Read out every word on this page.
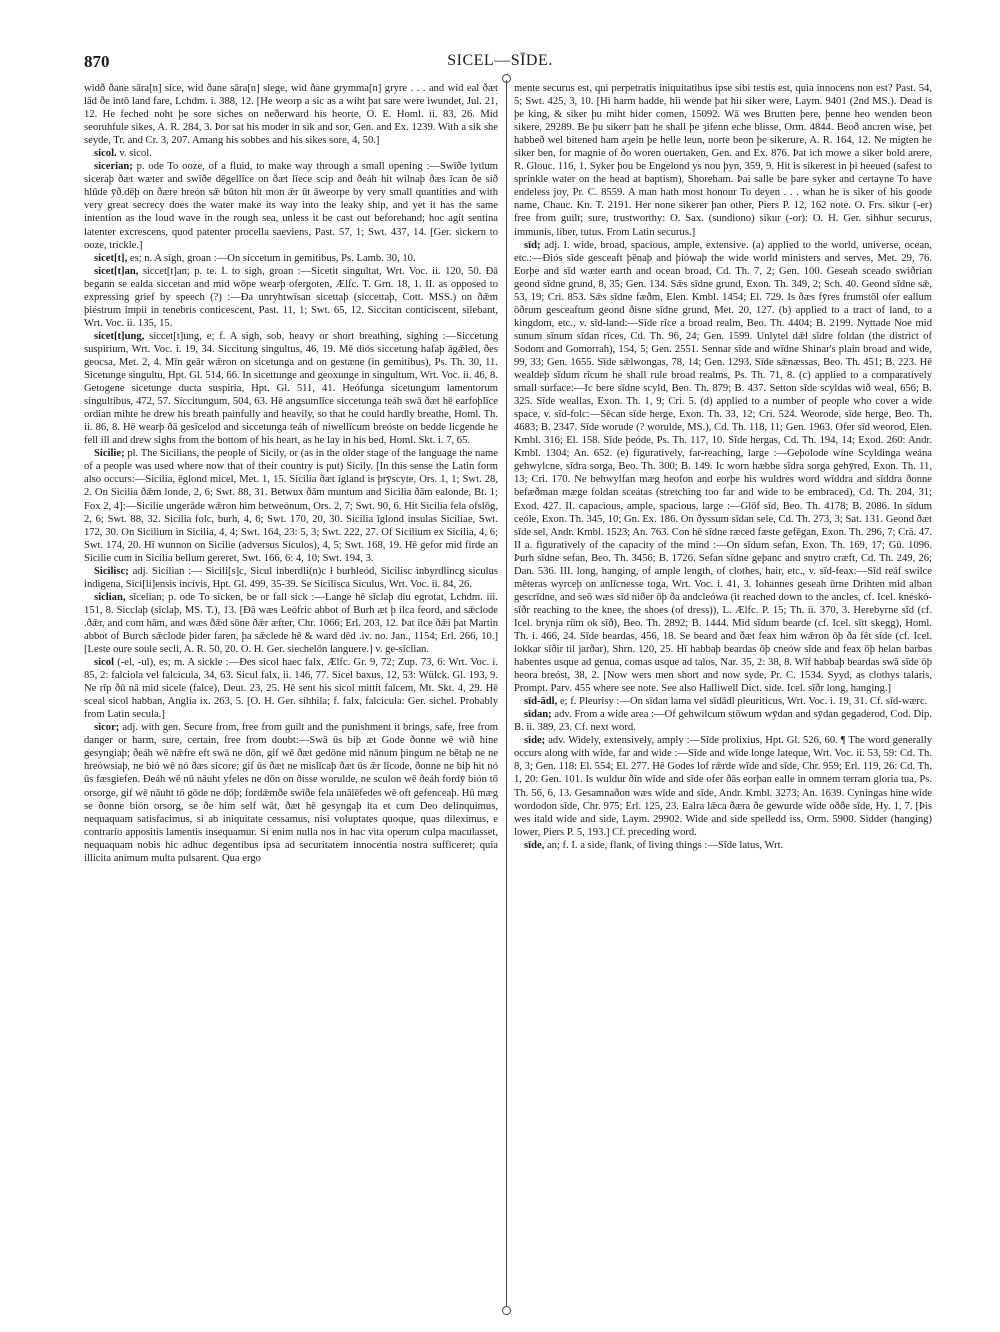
870	SICEL—SĪDE.

widð ðane sāra[n] sice, wid ðane sāra[n] slege, wid ðane grymma[n] gryre . . . and wid eal ðæt lād ðe intō land fare, Lchdm. i. 388, 12. [He weorp a sic as a wiht þat sare were iwundet, Jul. 21, 12. He feched noht þe sore siches on neðerward his heorte, O. E. Homl. ii. 83, 26. Mid seoruhfule sikes, A. R. 284, 3. Þor sat his moder in sik and sor, Gen. and Ex. 1239. With a sik she seyde, Tr. and Cr. 3, 207. Amang his sobbes and his sikes sore, 4, 50.]

sicol. v. sicol.

sicerian; p. ode To ooze, of a fluid, to make way through a small opening :—Swīðe lytlum siceraþ ðæt wæter and swīðe dēgellīce on ðæt līece scip and ðeáh hit wilnaþ ðæs īcan ðe sið hlūde ȳð.dēþ on ðære hreón sǣ būton hit mon ǣr ūt āweorpe by very small quantities and with very great secrecy does the water make its way into the leaky ship, and yet it has the same intention as the loud wave in the rough sea, unless it be cast out beforehand; hoc agit sentina latenter excrescens, quod patenter procella saeviens, Past. 57, 1; Swt. 437, 14. [Ger. sickern to ooze, trickle.]

sicet[t], es; n. A sigh, groan :—On siccetum in gemitibus, Ps. Lamb. 30, 10.

sicet[t]an, siccet[t]an; p. te. I. to sigh, groan :—Sicetit singultat, Wrt. Voc. ii. 120, 50. Ðā begann se ealda siccetan and mid wōpe wearþ ofergoten, Ælfc. T. Grn. 18, 1. II. as opposed to expressing grief by speech (?) :—Ða unryhtwīsan sicettaþ (siccettaþ, Cott. MSS.) on ðǣm þiéstrum impii in tenebris conticescent, Past. 11, 1; Swt. 65, 12. Siccitan conticiscent, silebant, Wrt. Voc. ii. 135, 15.

sicet[t]ung, siccet[t]ung, e; f. A sigh, sob, heavy or short breathing, sighing :—Siccetung suspirium, Wrt. Voc. i. 19, 34. Siccitung singultus, 46, 19. Mē diós siccetung hafaþ āgǣled, ðes geocsa, Met. 2, 4. Mīn geār wǣron on sicetunga and on gestæne (in gemitibus), Ps. Th. 30, 11. Sicetunge singultu, Hpt. Gl. 514, 66. In sicettunge and geoxunge in singultum, Wrt. Voc. ii. 46, 8. Getogene sicetunge ducta suspiria, Hpt. Gl. 511, 41. Heófunga sicetungum lamentorum singultibus, 472, 57. Siccitungum, 504, 63. Hē angsumlīce siccetunga teáh swā ðæt hē earfoþlīce ordian mihte he drew his breath painfully and heavily, so that he could hardly breathe, Homl. Th. ii. 86, 8. Hē wearþ ðā gesīcelod and siccetunga teáh of niwellīcum breóste on bedde licgende he fell ill and drew sighs from the bottom of his heart, as he lay in his bed, Homl. Skt. i. 7, 65.

Sicilie; pl. The Sicilians, the people of Sicily, or (as in the older stage of the language the name of a people was used where now that of their country is put) Sicily. [In this sense the Latin form also occurs:—Sicilia, ēglond micel, Met. 1, 15. Sicilia ðæt īgland is þrȳscyte, Ors. 1, 1; Swt. 28, 2. On Sicilia ðǣm londe, 2, 6; Swt. 88, 31. Betwux ðām muntum and Sicilia ðām ealonde, Bt. 1; Fox 2, 4]:—Sicilie ungerāde wǣron him betweónum, Ors. 2, 7; Swt. 90, 6. Hit Sicilia fela ofslōg, 2, 6; Swt. 88, 32. Sicilia folc, burh, 4, 6; Swt. 170, 20, 30. Sicilia īglond insulas Siciliae, Swt. 172, 30. On Sicilium in Sicilia, 4, 4; Swt. 164, 23: 5, 3; Swt. 222, 27. Of Sicilium ex Sicilia, 4, 6; Swt. 174, 20. Hī wunnon on Sicilie (adversus Siculos), 4, 5; Swt. 168, 19. Hē gefor mid firde an Sicilie cum in Sicilia bellum gereret, Swt. 166, 6: 4, 10; Swt. 194, 3.

Sicilisc; adj. Sicilian :— Sicili[s]c, Sicul inberdli(n)c ł burhleód, Sicilisc inbyrdlincg siculus indigena, Sici[li]ensis incivis, Hpt. Gl. 499, 35-39. Se Sicilisca Siculus, Wrt. Voc. ii. 84, 26.

siclian, sīcelian; p. ode To sicken, be or fall sick :—Lange hē sīclaþ diu egrotat, Lchdm. iii. 151, 8. Sicclaþ (sīclaþ, MS. T.), 13. [Ðā wæs Leófric abbot of Burh æt þ ilca feord, and sǣclode .ðǣr, and com hām, and wæs ðǣd sōne ðǣr æfter, Chr. 1066; Erl. 203, 12. Þat ilce ðǣi þat Martin abbot of Burch sǣclode þider faren, þa sǣclede hē & ward dēd .iv. no. Jan., 1154; Erl. 266, 10.] [Leste oure soule secli, A. R. 50, 20. O. H. Ger. siechelōn languere.] v. ge-sīclian.

sicol (-el, -ul), es; m. A sickle :—Ðes sicol haec falx, Ælfc. Gr. 9, 72; Zup. 73, 6: Wrt. Voc. i. 85, 2: falciola vel falcicula, 34, 63. Sicul falx, ii. 146, 77. Sicel baxus, 12, 53: Wülck. Gl. 193, 9. Ne rīp ðū nā mid sicele (falce), Deut. 23, 25. Hē sent his sicol mittit falcem, Mt. Skt. 4, 29. Hē sceal sicol habban, Anglia ix. 263, 5. [O. H. Ger. sihhila; f. falx, falcicula: Ger. sichel. Probably from Latin secula.]

sicor; adj. with gen. Secure from, free from guilt and the punishment it brings, safe, free from danger or harm, sure, certain, free from doubt:—Swā ūs biþ æt Gode ðonne wē wið hine gesyngiaþ; ðeáh wē nǣfre eft swā ne dōn, gif wē ðæt gedōne mid nānum þingum ne bētaþ ne ne hreówsiaþ, ne bió wē nó ðæs sicore; gif ūs ðæt ne mislīcaþ ðæt ūs ǣr līcode, ðonne ne biþ hit nó ūs fæsgiefen. Ðeáh wē nū nāuht yfeles ne dōn on ðisse worulde, ne sculon wē ðeáh fordȳ bión tō orsorge, gif wē nāuht tō gōde ne dōþ; fordǣmðe swīðe fela unālēfedes wē oft gefenceaþ. Hū mæg se ðonne bión orsorg, se ðe him self wāt, ðæt hē gesyngaþ ita et cum Deo delinquimus, nequaquam satisfacimus, si ab iniquitate cessamus, nisi voluptates quoque, quas dileximus, e contrario appositis lamentis insequamur. Si enim nulla nos in hac vita operum culpa maculasset, nequaquam nobis hic adhuc degentibus ipsa ad securitatem innocentia nostra sufficeret; quia illicita animum multa pulsarent. Qua ergo

mente securus est, qui perpetratis iniquitatibus ipse sibi testis est, quia innocens non est? Past. 54, 5; Swt. 425, 3, 10. [Hi harm hadde, hii wende þat hii siker were, Laym. 9401 (2nd MS.). Dead is þe king, & siker þu miht hider comen, 15092. Wā wes Brutten þere, þenne heo wenden beon sikere, 29289. Be þu sikerr þatt he shall þe ȝifenn eche blisse, Orm. 4844. Beoð ancren wise, þet habbeð wel bitened ham aȝein þe helle leun, uorte beon þe sikerure, A. R. 164, 12. Ne migten he siker ben, for magnie of ðo woren ouertaken, Gen. and Ex. 876. Þat ich mowe a siker bold arere, R. Glouc. 116, 1. Syker þou be Engelond ys nou þyn, 359, 9. Hit is sikerest in þi heeued (safest to sprinkle water on the head at baptism), Shoreham. Þai salle be þare syker and certayne To have endeless joy, Pr. C. 8559. A man hath most honour To deyen . . . whan he is siker of his goode name, Chauc. Kn. T. 2191. Her none sikerer þan other, Piers P. 12, 162 note. O. Frs. sikur (-er) free from guilt; sure, trustworthy: O. Sax. (sundiono) sikur (-or): O. H. Ger. sihhur securus, immunis, liber, tutus. From Latin securus.]

sīd; adj. I. wide, broad, spacious, ample, extensive. (a) applied to the world, universe, ocean, etc.:—Ðiós sīde gesceaft þēnaþ and þiówaþ the wide world ministers and serves, Met. 29, 76. Eorþe and sīd wæter earth and ocean broad, Cd. Th. 7, 2; Gen. 100. Geseah sceado swiðrian geond sīdne grund, 8, 35; Gen. 134. Sǣs sīdne grund, Exon. Th. 349, 2; Sch. 40. Geond sīdne sǣ, 53, 19; Cri. 853. Sǣs sīdne fæðm, Elen. Kmbl. 1454; El. 729. Is ðæs fȳres frumstōl ofer eallum ōðrum gesceaftum geond ðisne sīdne grund, Met. 20, 127. (b) applied to a tract of land, to a kingdom, etc., v. sīd-land:—Sīde rīce a broad realm, Beo. Th. 4404; B. 2199. Nyttade Noe mid sunum sīnum sīdan rīces, Cd. Th. 96, 24; Gen. 1599. Unlytel dǣl sīdre foldan (the district of Sodom and Gomorrah), 154, 5; Gen. 2551. Sennar sīde and wīdne Shinar's plain broad and wide, 99, 33; Gen. 1655. Sīde sǣlwongas, 78, 14; Gen. 1293. Sīde sǣnæssas, Beo. Th. 451; B. 223. Hē wealdeþ sīdum rīcum he shall rule broad realms, Ps. Th. 71, 8. (c) applied to a comparatively small surface:—Ic bere sīdne scyld, Beo. Th. 879; B. 437. Setton sīde scyldas wið weal, 656; B. 325. Sīde weallas, Exon. Th. 1, 9; Cri. 5. (d) applied to a number of people who cover a wide space, v. sīd-folc:—Sēcan sīde herge, Exon. Th. 33, 12; Cri. 524. Weorode, sīde herge, Beo. Th. 4683; B. 2347. Sīde worude (? worulde, MS.), Cd. Th. 118, 11; Gen. 1963. Ofer sīd weorod, Elen. Kmbl. 316; El. 158. Sīde þeóde, Ps. Th. 117, 10. Sīde hergas, Cd. Th. 194, 14; Exod. 260: Andr. Kmbl. 1304; An. 652. (e) figuratively, far-reaching, large :—Geþolode wine Scyldinga weána gehwylcne, sīdra sorga, Beo. Th. 300; B. 149. Ic worn hæbbe sīdra sorga gehȳred, Exon. Th. 11, 13; Cri. 170. Ne behwylfan mæg heofon and eorþe his wuldres word wīddra and sīddra ðonne befæðman mæge foldan sceátas (stretching too far and wide to be embraced), Cd. Th. 204, 31; Exod. 427. II. capacious, ample, spacious, large :—Glōf sīd, Beo. Th. 4178; B. 2086. In sīdum ceóle, Exon. Th. 345, 10; Gn. Ex. 186. On ðyssum sīdan sele, Cd. Th. 273, 3; Sat. 131. Geond ðæt sīde sel, Andr. Kmbl. 1523; An. 763. Con hē sīdne ræced fæste gefēgan, Exon. Th. 296, 7; Crä. 47. II a. figuratively of the capacity of the mind :—On sīdum sefan, Exon. Th. 169, 17; Gū. 1096. Þurh sīdne sefan, Beo. Th. 3456; B. 1726. Sefan sīdne geþanc and snytro cræft, Cd. Th. 249, 26; Dan. 536. III. long, hanging, of ample length, of clothes, hair, etc., v. sīd-feax:—Sīd reáf swilce mēteras wyrceþ on anlīcnesse toga, Wrt. Voc. i. 41, 3. Iohannes geseah ūrne Drihten mid alban gescrīdne, and seō wæs sīd niðer ōþ ða andcleówa (it reached down to the ancles, cf. Icel. knéskó-sīðr reaching to the knee, the shoes (of dress)), L. Ælfc. P. 15; Th. ii. 370, 3. Herebyrne sīd (cf. Icel. brynja rūm ok sīð), Beo. Th. 2892; B. 1444. Mid sīdum bearde (cf. Icel. sītt skegg), Homl. Th. i. 466, 24. Sīde beardas, 456, 18. Se beard and ðæt feax him wǣron ōþ ða fēt sīde (cf. Icel. lokkar sīðir til jarðar), Shrn. 120, 25. Hī habbaþ beardas ōþ cneów sīde and feax ōþ helan barbas habentes usque ad genua, comas usque ad talos, Nar. 35, 2: 38, 8. Wīf habbaþ beardas swā sīde ōþ heora breóst, 38, 2. [Now wers men short and now syde, Pr. C. 1534. Syyd, as clothys talaris, Prompt. Parv. 455 where see note. See also Halliwell Dict. side. Icel. sīðr long, hanging.]

sīd-ādl, e; f. Pleurisy :—On sīdan lama vel sīdādl pleuriticus, Wrt. Voc. i. 19, 31. Cf. sīd-wærc.

sīdan; adv. From a wide area :—Of gehwilcum stōwum wȳdan and sȳdan gegaderod, Cod. Dip. B. ii. 389, 23. Cf. next word.

sīde; adv. Widely, extensively, amply :—Sīde prolixius, Hpt. Gl. 526, 60. ¶ The word generally occurs along with wīde, far and wide :—Sīde and wīde longe lateque, Wrt. Voc. ii. 53, 59: Cd. Th. 8, 3; Gen. 118: El. 554; El. 277. Hē Godes lof rǣrde wīde and sīde, Chr. 959; Erl. 119, 26: Cd. Th. 1, 20: Gen. 101. Is wuldur ðīn wīde and sīde ofer ðās eorþan ealle in omnem terram gloria tua, Ps. Th. 56, 6, 13. Gesamnaðon wæs wīde and sīde, Andr. Kmbl. 3273; An. 1639. Cyningas hine wīde wordodon sīde, Chr. 975; Erl. 125, 23. Ealra lǣca ðæra ðe gewurde wīde oððe sīde, Hy. 1, 7. [Þis wes itald wide and side, Laym. 29902. Wide and side spelledd iss, Orm. 5900. Sidder (hanging) lower, Piers P. 5, 193.] Cf. preceding word.

sīde, an; f. I. a side, flank, of living things :—Sīde latus, Wrt.
